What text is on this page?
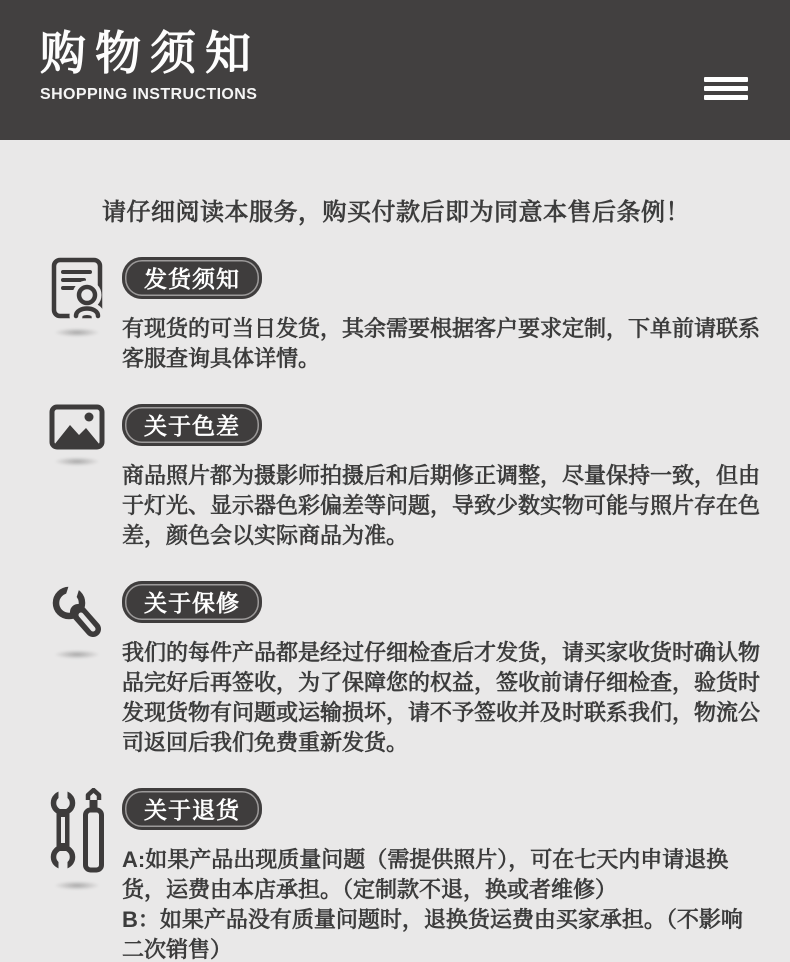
购物须知
SHOPPING INSTRUCTIONS
请仔细阅读本服务，购买付款后即为同意本售后条例！
发货须知

有现货的可当日发货，其余需要根据客户要求定制，下单前请联系客服查询具体详情。

关于色差

商品照片都为摄影师拍摄后和后期修正调整，尽量保持一致，但由于灯光、显示器色彩偏差等问题，导致少数实物可能与照片存在色差，颜色会以实际商品为准。

关于保修

我们的每件产品都是经过仔细检查后才发货，请买家收货时确认物品完好后再签收，为了保障您的权益，签收前请仔细检查，验货时发现货物有问题或运输损坏，请不予签收并及时联系我们，物流公司返回后我们免费重新发货。

关于退货

A:如果产品出现质量问题（需提供照片），可在七天内申请退换货，运费由本店承担。（定制款不退，换或者维修）

B：如果产品没有质量问题时，退换货运费由买家承担。（不影响二次销售）
